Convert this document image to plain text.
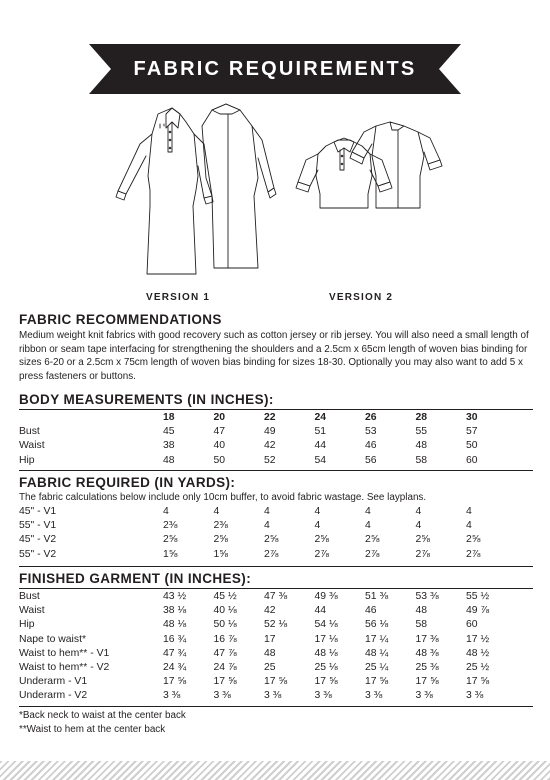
FABRIC REQUIREMENTS
VERSION 1	VERSION 2
FABRIC RECOMMENDATIONS
Medium weight knit fabrics with good recovery such as cotton jersey or rib jersey. You will also need a small length of ribbon or seam tape interfacing for strengthening the shoulders and a 2.5cm x 65cm length of woven bias binding for sizes 6-20 or a 2.5cm x 75cm length of woven bias binding for sizes 18-30. Optionally you may also want to add 5 x press fasteners or buttons.
BODY MEASUREMENTS (IN INCHES):
	18	20	22	24	26	28	30
Bust	45	47	49	51	53	55	57
Waist	38	40	42	44	46	48	50
Hip	48	50	52	54	56	58	60
FABRIC REQUIRED (IN YARDS):
The fabric calculations below include only 10cm buffer, to avoid fabric wastage. See layplans.
45" - V1	4	4	4	4	4	4	4
55" - V1	2⅜	2⅜	4	4	4	4	4
45" - V2	2⅝	2⅝	2⅝	2⅝	2⅝	2⅝	2⅝
55" - V2	1⅝	1⅝	2⅞	2⅞	2⅞	2⅞	2⅞
FINISHED GARMENT (IN INCHES):
Bust	43 ½	45 ½	47 ⅜	49 ⅜	51 ⅜	53 ⅜	55 ½
Waist	38 ⅛	40 ⅛	42	44	46	48	49 ⅞
Hip	48 ⅛	50 ⅛	52 ⅛	54 ⅛	56 ⅛	58	60
Nape to waist*	16 ¾	16 ⅞	17	17 ⅛	17 ¼	17 ⅜	17 ½
Waist to hem** - V1	47 ¾	47 ⅞	48	48 ⅛	48 ¼	48 ⅜	48 ½
Waist to hem** - V2	24 ¾	24 ⅞	25	25 ⅛	25 ¼	25 ⅜	25 ½
Underarm - V1	17 ⅝	17 ⅝	17 ⅝	17 ⅝	17 ⅝	17 ⅝	17 ⅝
Underarm - V2	3 ⅜	3 ⅜	3 ⅜	3 ⅜	3 ⅜	3 ⅜	3 ⅜
*Back neck to waist at the center back
**Waist to hem at the center back
